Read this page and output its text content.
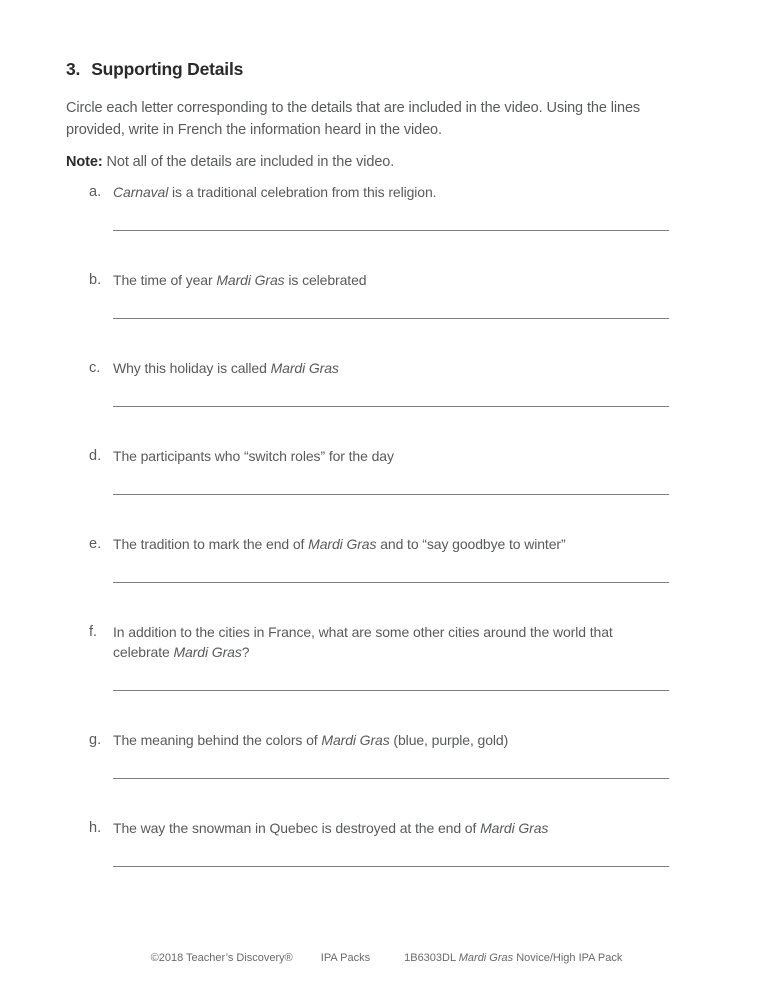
3. Supporting Details
Circle each letter corresponding to the details that are included in the video. Using the lines provided, write in French the information heard in the video.
Note: Not all of the details are included in the video.
a. Carnaval is a traditional celebration from this religion.
b. The time of year Mardi Gras is celebrated
c. Why this holiday is called Mardi Gras
d. The participants who “switch roles” for the day
e. The tradition to mark the end of Mardi Gras and to “say goodbye to winter”
f.	In addition to the cities in France, what are some other cities around the world that celebrate Mardi Gras?
g. The meaning behind the colors of Mardi Gras (blue, purple, gold)
h. The way the snowman in Quebec is destroyed at the end of Mardi Gras
©2018 Teacher’s Discovery®	IPA Packs	1B6303DL Mardi Gras Novice/High IPA Pack
